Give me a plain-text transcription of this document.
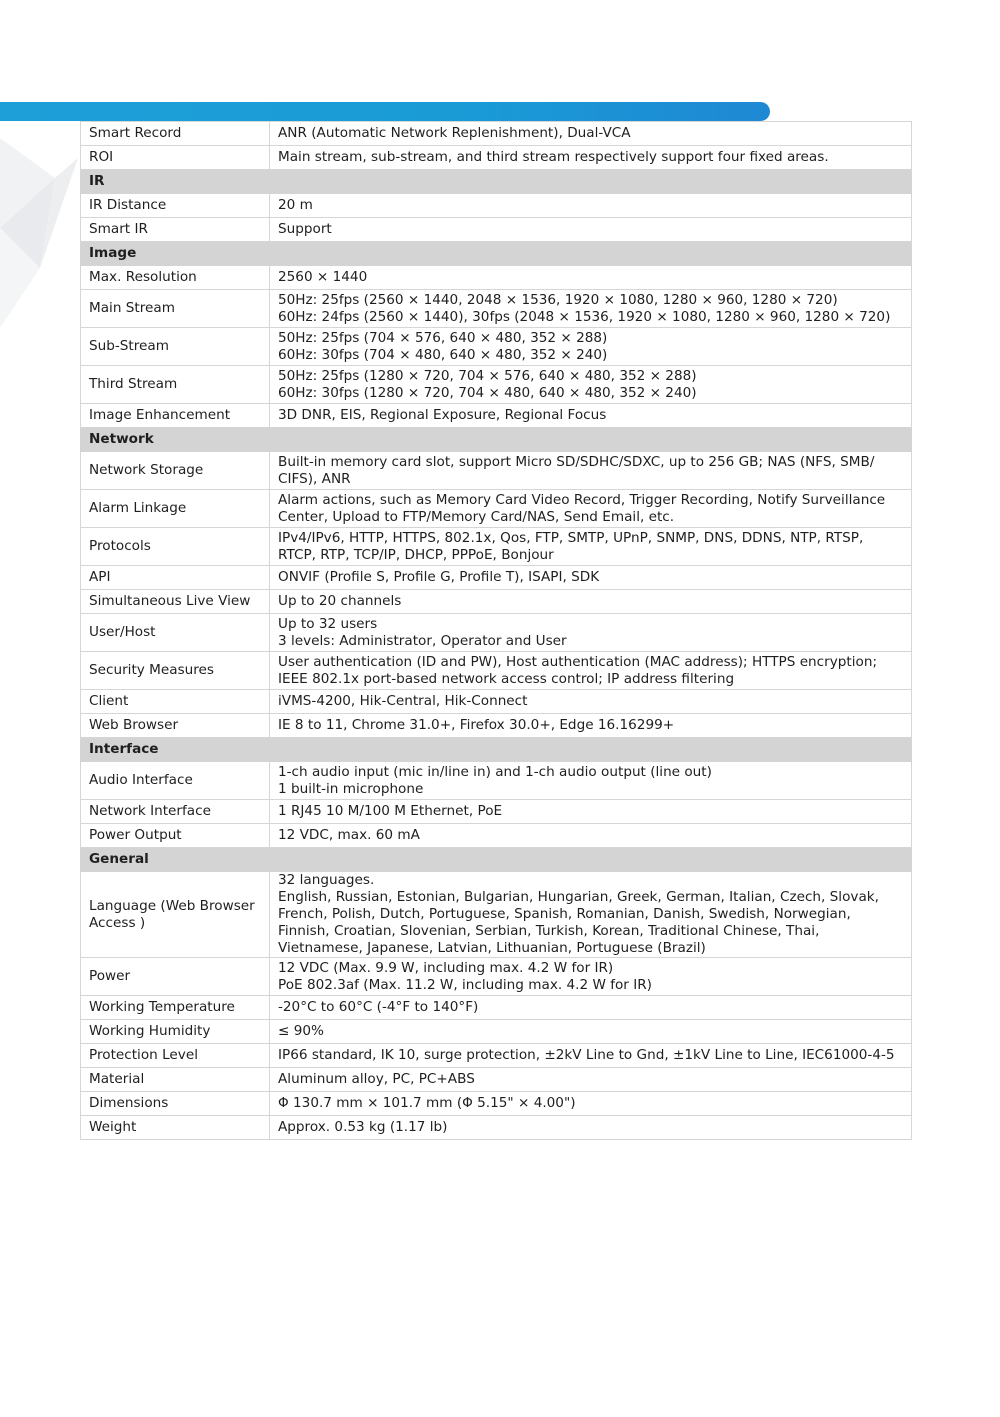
Smart Record	ANR (Automatic Network Replenishment), Dual-VCA

ROI	Main stream, sub-stream, and third stream respectively support four fixed areas.

IR	
IR Distance	20 m

Smart IR	Support

Image	
Max. Resolution	2560 × 1440

Main Stream	50Hz: 25fps (2560 × 1440, 2048 × 1536, 1920 × 1080, 1280 × 960, 1280 × 720)
60Hz: 24fps (2560 × 1440), 30fps (2048 × 1536, 1920 × 1080, 1280 × 960, 1280 × 720)

Sub-Stream	50Hz: 25fps (704 × 576, 640 × 480, 352 × 288)
60Hz: 30fps (704 × 480, 640 × 480, 352 × 240)

Third Stream	50Hz: 25fps (1280 × 720, 704 × 576, 640 × 480, 352 × 288)
60Hz: 30fps (1280 × 720, 704 × 480, 640 × 480, 352 × 240)

Image Enhancement	3D DNR, EIS, Regional Exposure, Regional Focus

Network	
Network Storage	Built-in memory card slot, support Micro SD/SDHC/SDXC, up to 256 GB; NAS (NFS, SMB/
CIFS), ANR

Alarm Linkage	Alarm actions, such as Memory Card Video Record, Trigger Recording, Notify Surveillance
Center, Upload to FTP/Memory Card/NAS, Send Email, etc.

Protocols	IPv4/IPv6, HTTP, HTTPS, 802.1x, Qos, FTP, SMTP, UPnP, SNMP, DNS, DDNS, NTP, RTSP,
RTCP, RTP, TCP/IP, DHCP, PPPoE, Bonjour

API	ONVIF (Profile S, Profile G, Profile T), ISAPI, SDK

Simultaneous Live View	Up to 20 channels

User/Host	Up to 32 users
3 levels: Administrator, Operator and User

Security Measures	User authentication (ID and PW), Host authentication (MAC address); HTTPS encryption;
IEEE 802.1x port-based network access control; IP address filtering

Client	iVMS-4200, Hik-Central, Hik-Connect

Web Browser	IE 8 to 11, Chrome 31.0+, Firefox 30.0+, Edge 16.16299+

Interface	
Audio Interface	1-ch audio input (mic in/line in) and 1-ch audio output (line out)
1 built-in microphone

Network Interface	1 RJ45 10 M/100 M Ethernet, PoE

Power Output	12 VDC, max. 60 mA

General	
Language (Web Browser Access )	32 languages.
English, Russian, Estonian, Bulgarian, Hungarian, Greek, German, Italian, Czech, Slovak,
French, Polish, Dutch, Portuguese, Spanish, Romanian, Danish, Swedish, Norwegian,
Finnish, Croatian, Slovenian, Serbian, Turkish, Korean, Traditional Chinese, Thai,
Vietnamese, Japanese, Latvian, Lithuanian, Portuguese (Brazil)

Power	12 VDC (Max. 9.9 W, including max. 4.2 W for IR)
PoE 802.3af (Max. 11.2 W, including max. 4.2 W for IR)

Working Temperature	-20°C to 60°C (-4°F to 140°F)

Working Humidity	≤ 90%

Protection Level	IP66 standard, IK 10, surge protection, ±2kV Line to Gnd, ±1kV Line to Line, IEC61000-4-5

Material	Aluminum alloy, PC, PC+ABS

Dimensions	Φ 130.7 mm × 101.7 mm (Φ 5.15" × 4.00")

Weight	Approx. 0.53 kg (1.17 lb)
